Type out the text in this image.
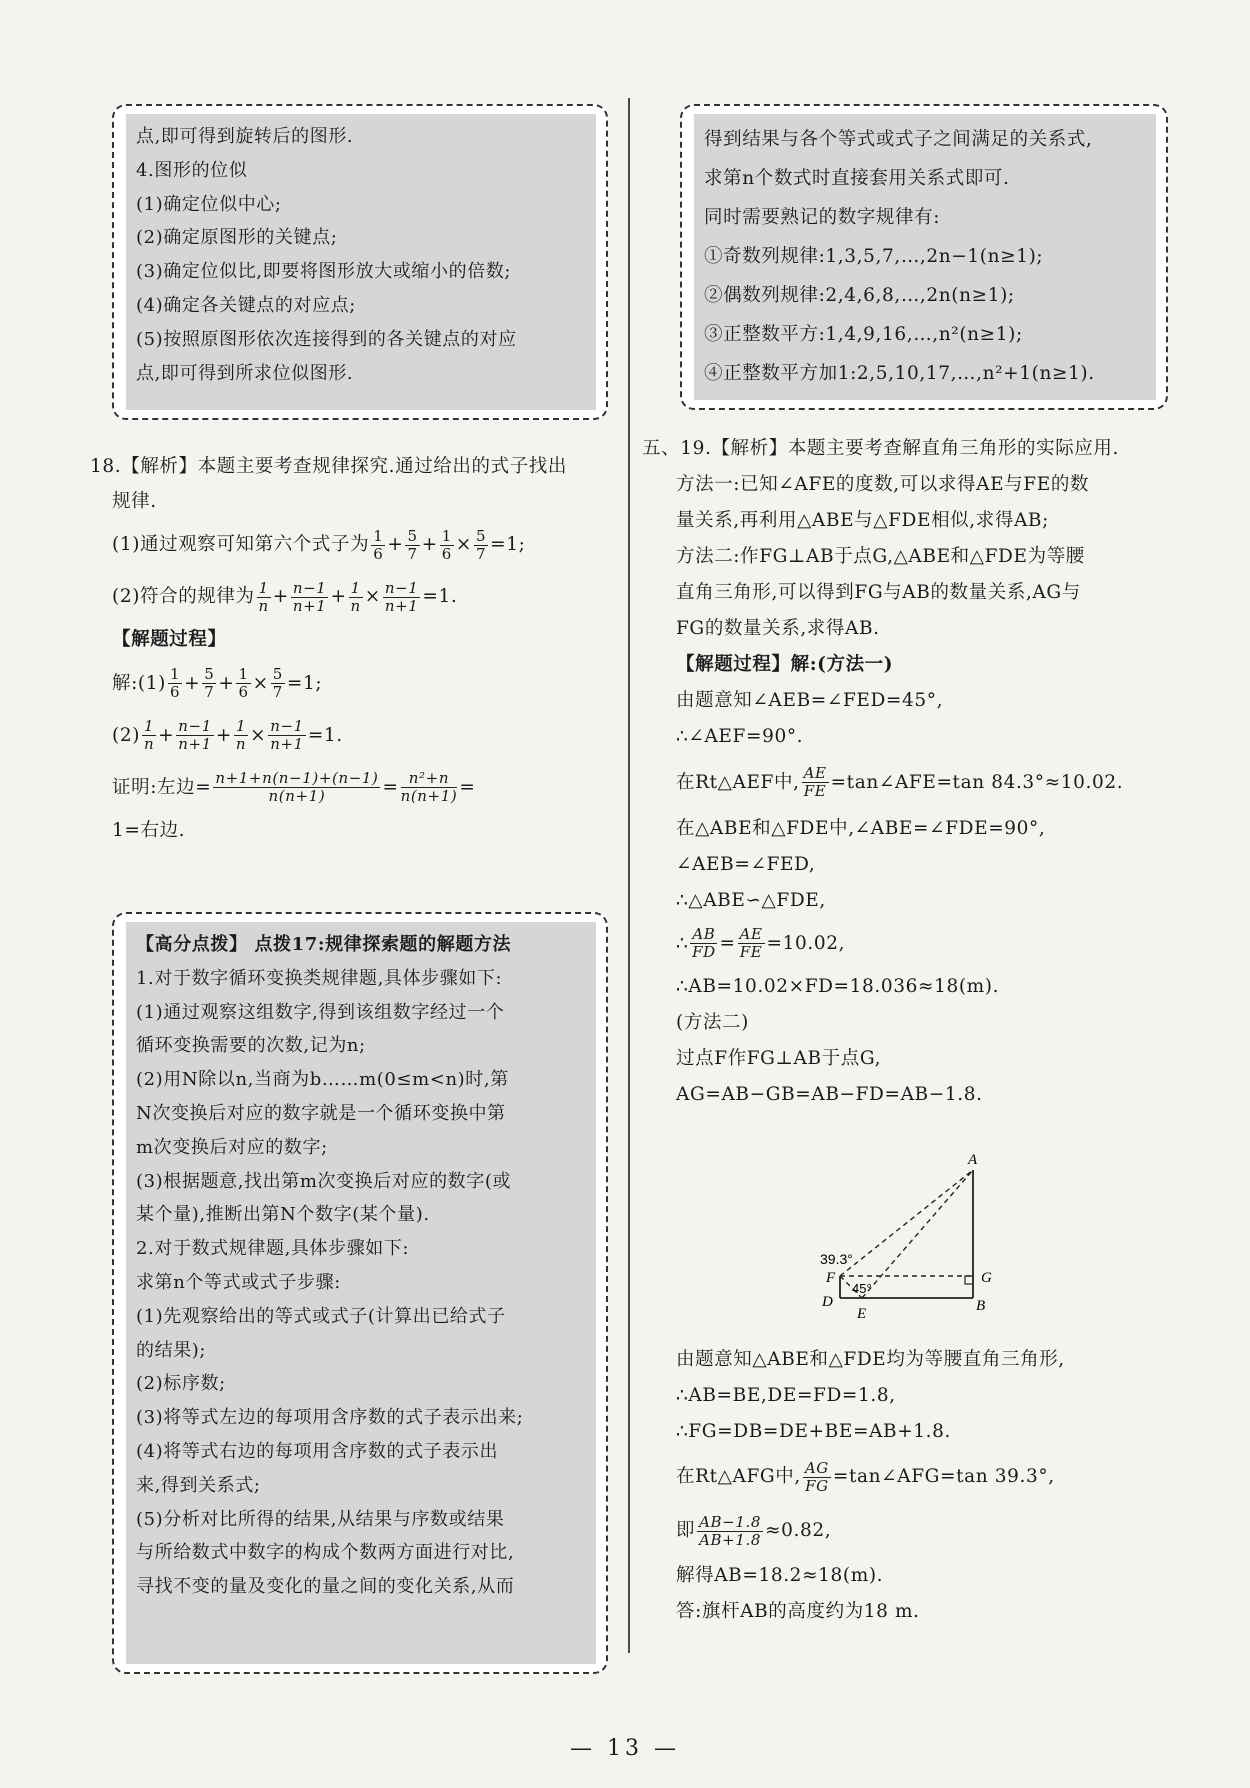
点,即可得到旋转后的图形.
4.图形的位似
(1)确定位似中心;
(2)确定原图形的关键点;
(3)确定位似比,即要将图形放大或缩小的倍数;
(4)确定各关键点的对应点;
(5)按照原图形依次连接得到的各关键点的对应
点,即可得到所求位似图形.
18.【解析】本题主要考查规律探究.通过给出的式子找出
规律.
(1)通过观察可知第六个式子为 $\frac{1}{6} + \frac{5}{7} + \frac{1}{6} \times \frac{5}{7} =1$;
(2)符合的规律为 $\frac{1}{n} + \frac{n-1}{n+1} + \frac{1}{n} \times \frac{n-1}{n+1} =1$.
【解题过程】
解:(1) $\frac{1}{6} + \frac{5}{7} + \frac{1}{6} \times \frac{5}{7} =1$;
$(2) \frac{1}{n} + \frac{n-1}{n+1} + \frac{1}{n} \times \frac{n-1}{n+1} =1$.
证明:左边= $\frac{n+1+n(n-1)+(n-1)}{n(n+1)} = \frac{\text{n²+n}}{n(n+1)}$ =
1=右边.
【高分点拨】 点拨17:规律探索题的解题方法
1.对于数字循环变换类规律题,具体步骤如下:
(1)通过观察这组数字,得到该组数字经过一个
循环变换需要的次数,记为n;
(2)用N除以n,当商为b……m(0≤m<n)时,第
N次变换后对应的数字就是一个循环变换中第
m次变换后对应的数字;
(3)根据题意,找出第m次变换后对应的数字(或
某个量),推断出第N个数字(某个量).
2.对于数式规律题,具体步骤如下:
求第n个等式或式子步骤:
(1)先观察给出的等式或式子(计算出已给式子
的结果);
(2)标序数;
(3)将等式左边的每项用含序数的式子表示出来;
(4)将等式右边的每项用含序数的式子表示出
来,得到关系式;
(5)分析对比所得的结果,从结果与序数或结果
与所给数式中数字的构成个数两方面进行对比,
寻找不变的量及变化的量之间的变化关系,从而
得到结果与各个等式或式子之间满足的关系式,
求第n个数式时直接套用关系式即可.
同时需要熟记的数字规律有:
①奇数列规律:1,3,5,7,…,2n−1(n≥1);
②偶数列规律:2,4,6,8,…,2n(n≥1);
③正整数平方:1,4,9,16,…,n²(n≥1);
④正整数平方加1:2,5,10,17,…,n²+1(n≥1).
五、19.【解析】本题主要考查解直角三角形的实际应用.
方法一:已知∠AFE的度数,可以求得AE与FE的数
量关系,再利用△ABE与△FDE相似,求得AB;
方法二:作FG⊥AB于点G,△ABE和△FDE为等腰
直角三角形,可以得到FG与AB的数量关系,AG与
FG的数量关系,求得AB.
【解题过程】解:(方法一)
由题意知∠AEB=∠FED=45°,
∴∠AEF=90°.
在Rt△AEF中, $\frac{AE}{FE}$ =tan∠AFE=tan 84.3°≈10.02.
在△ABE和△FDE中,∠ABE=∠FDE=90°,
∠AEB=∠FED,
∴△ABE∽△FDE,
∴ $\frac{AB}{FD} = \frac{AE}{FE} =10.02$,
∴AB=10.02×FD=18.036≈18(m).
(方法二)
过点F作FG⊥AB于点G,
AG=AB−GB=AB−FD=AB−1.8.
A
F	G
D
E	B
39.3°
45°
由题意知△ABE和△FDE均为等腰直角三角形,
∴AB=BE,DE=FD=1.8,
∴FG=DB=DE+BE=AB+1.8.
在Rt△AFG中, $\frac{AG}{FG}$ =tan∠AFG=tan 39.3°,
即 $\frac{AB-1.8}{AB+1.8} \approx 0.82$,
解得AB=18.2≈18(m).
答:旗杆AB的高度约为18 m.
— 13 —
